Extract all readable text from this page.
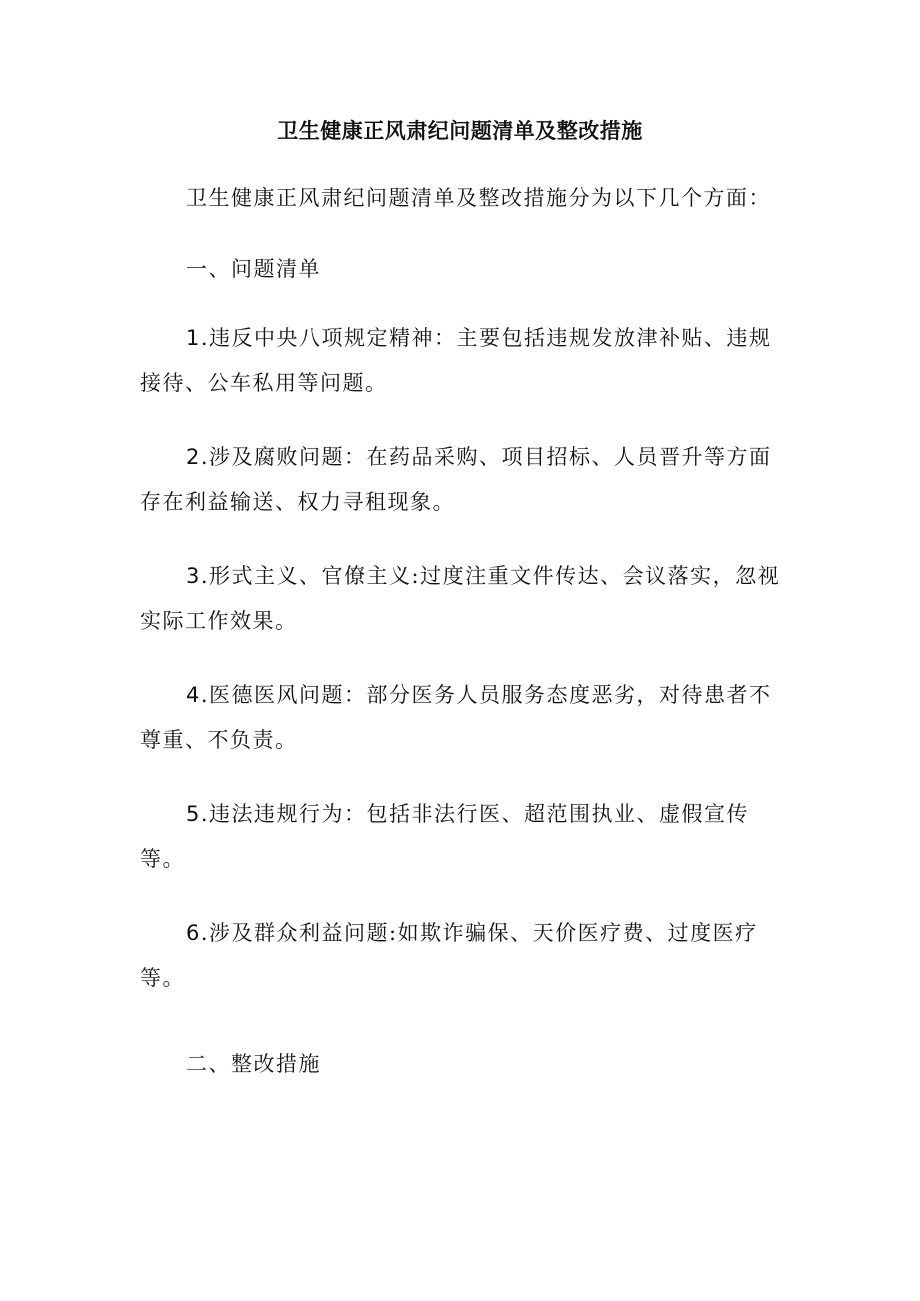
卫生健康正风肃纪问题清单及整改措施

卫生健康正风肃纪问题清单及整改措施分为以下几个方面：

一、问题清单

1.违反中央八项规定精神：主要包括违规发放津补贴、违规接待、公车私用等问题。

2.涉及腐败问题：在药品采购、项目招标、人员晋升等方面存在利益输送、权力寻租现象。

3.形式主义、官僚主义:过度注重文件传达、会议落实，忽视实际工作效果。

4.医德医风问题：部分医务人员服务态度恶劣，对待患者不尊重、不负责。

5.违法违规行为：包括非法行医、超范围执业、虚假宣传等。

6.涉及群众利益问题:如欺诈骗保、天价医疗费、过度医疗等。

二、整改措施
